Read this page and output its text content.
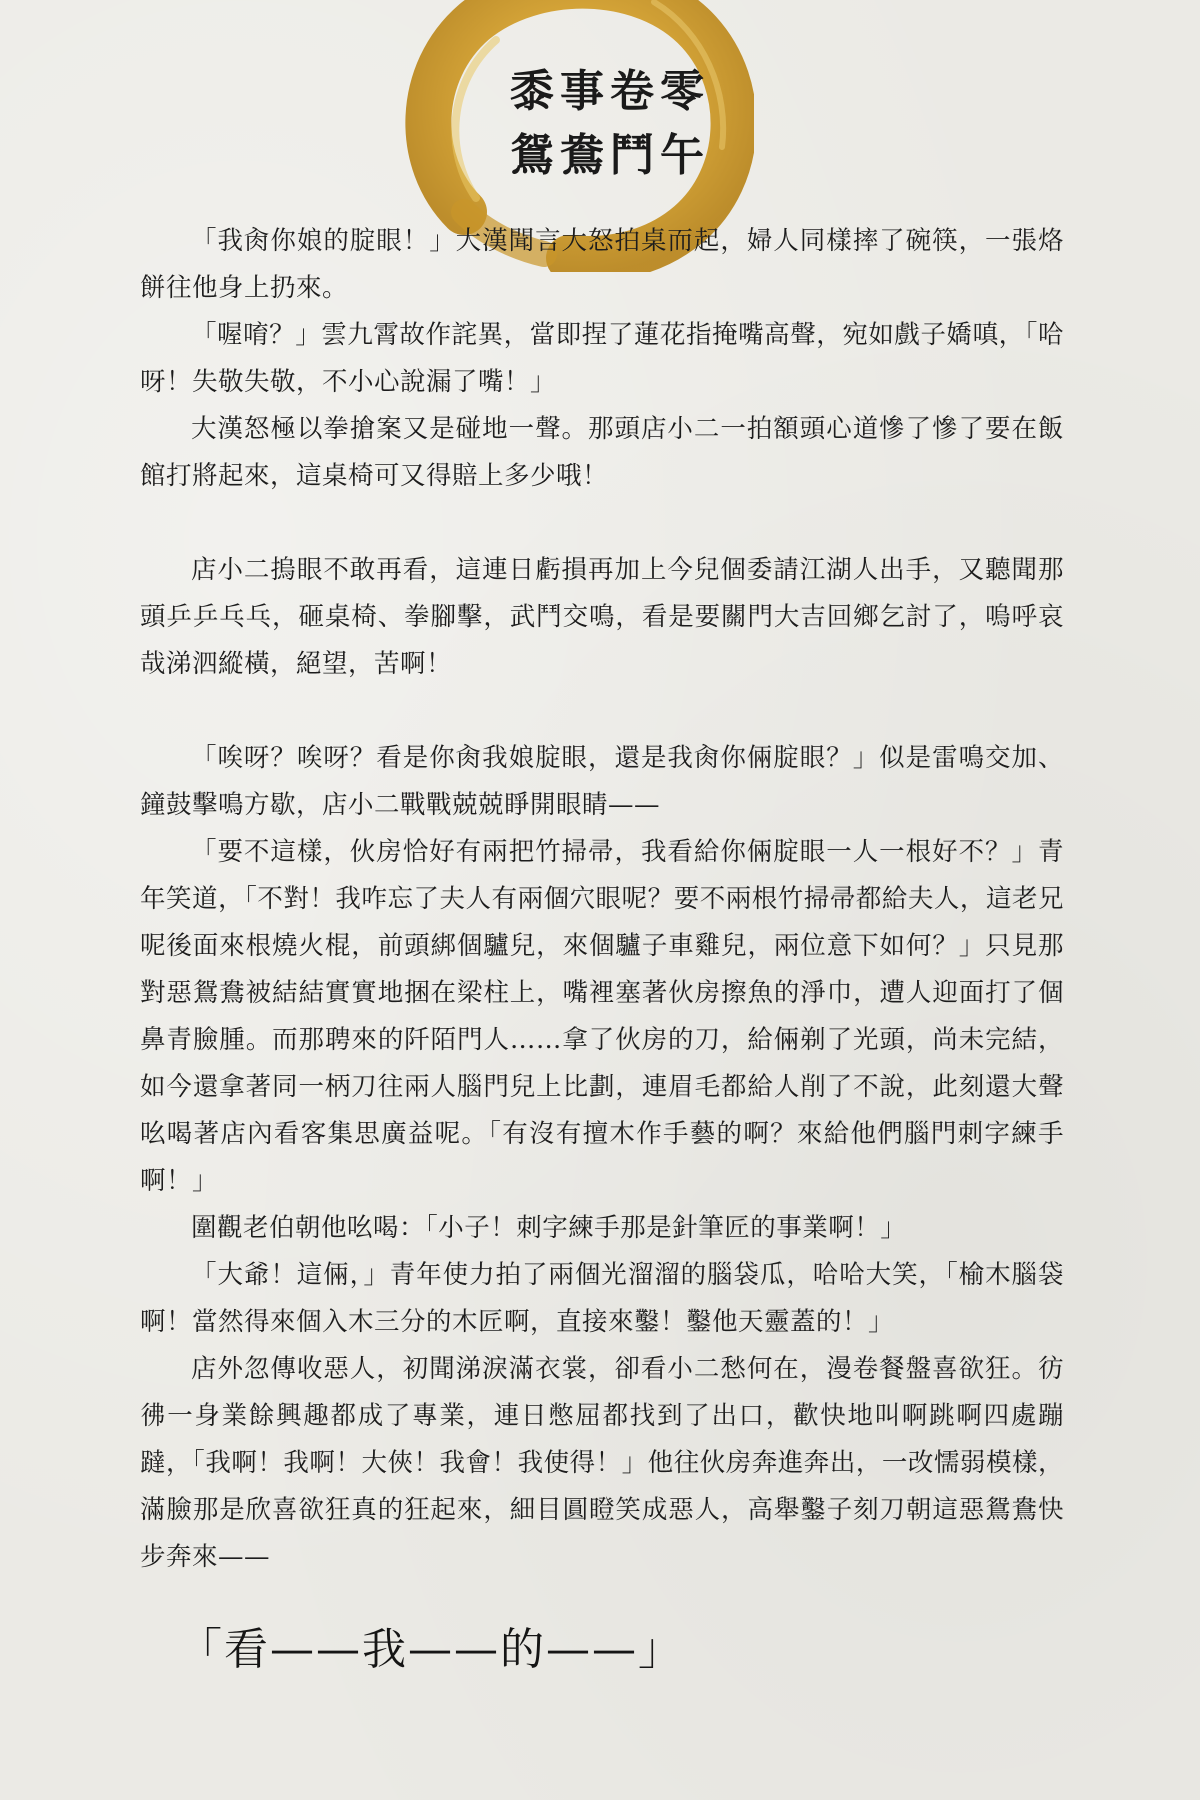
黍事卷零
鴛鴦鬥午

「我肏你娘的腚眼！」大漢聞言大怒拍桌而起，婦人同樣摔了碗筷，一張烙餅往他身上扔來。

「喔唷？」雲九霄故作詫異，當即捏了蓮花指掩嘴高聲，宛如戲子嬌嗔，「哈呀！失敬失敬，不小心說漏了嘴！」

大漢怒極以拳搶案又是碰地一聲。那頭店小二一拍額頭心道慘了慘了要在飯館打將起來，這桌椅可又得賠上多少哦！

店小二摀眼不敢再看，這連日虧損再加上今兒個委請江湖人出手，又聽聞那頭乒乒乓乓，砸桌椅、拳腳擊，武鬥交鳴，看是要關門大吉回鄉乞討了，嗚呼哀哉涕泗縱橫，絕望，苦啊！

「唉呀？唉呀？看是你肏我娘腚眼，還是我肏你倆腚眼？」似是雷鳴交加、鐘鼓擊鳴方歇，店小二戰戰兢兢睜開眼睛——

「要不這樣，伙房恰好有兩把竹掃帚，我看給你倆腚眼一人一根好不？」青年笑道，「不對！我咋忘了夫人有兩個穴眼呢？要不兩根竹掃帚都給夫人，這老兄呢後面來根燒火棍，前頭綁個驢兒，來個驢子車雞兒，兩位意下如何？」只見那對惡鴛鴦被結結實實地捆在梁柱上，嘴裡塞著伙房擦魚的淨巾，遭人迎面打了個鼻青臉腫。而那聘來的阡陌門人……拿了伙房的刀，給倆剃了光頭，尚未完結，如今還拿著同一柄刀往兩人腦門兒上比劃，連眉毛都給人削了不說，此刻還大聲吆喝著店內看客集思廣益呢。「有沒有擅木作手藝的啊？來給他們腦門刺字練手啊！」

圍觀老伯朝他吆喝：「小子！刺字練手那是針筆匠的事業啊！」

「大爺！這倆，」青年使力拍了兩個光溜溜的腦袋瓜，哈哈大笑，「榆木腦袋啊！當然得來個入木三分的木匠啊，直接來鑿！鑿他天靈蓋的！」

店外忽傳收惡人，初聞涕淚滿衣裳，卻看小二愁何在，漫卷餐盤喜欲狂。彷彿一身業餘興趣都成了專業，連日憋屈都找到了出口，歡快地叫啊跳啊四處蹦躂，「我啊！我啊！大俠！我會！我使得！」他往伙房奔進奔出，一改懦弱模樣，滿臉那是欣喜欲狂真的狂起來，細目圓瞪笑成惡人，高舉鑿子刻刀朝這惡鴛鴦快步奔來——

「看——我——的——」
